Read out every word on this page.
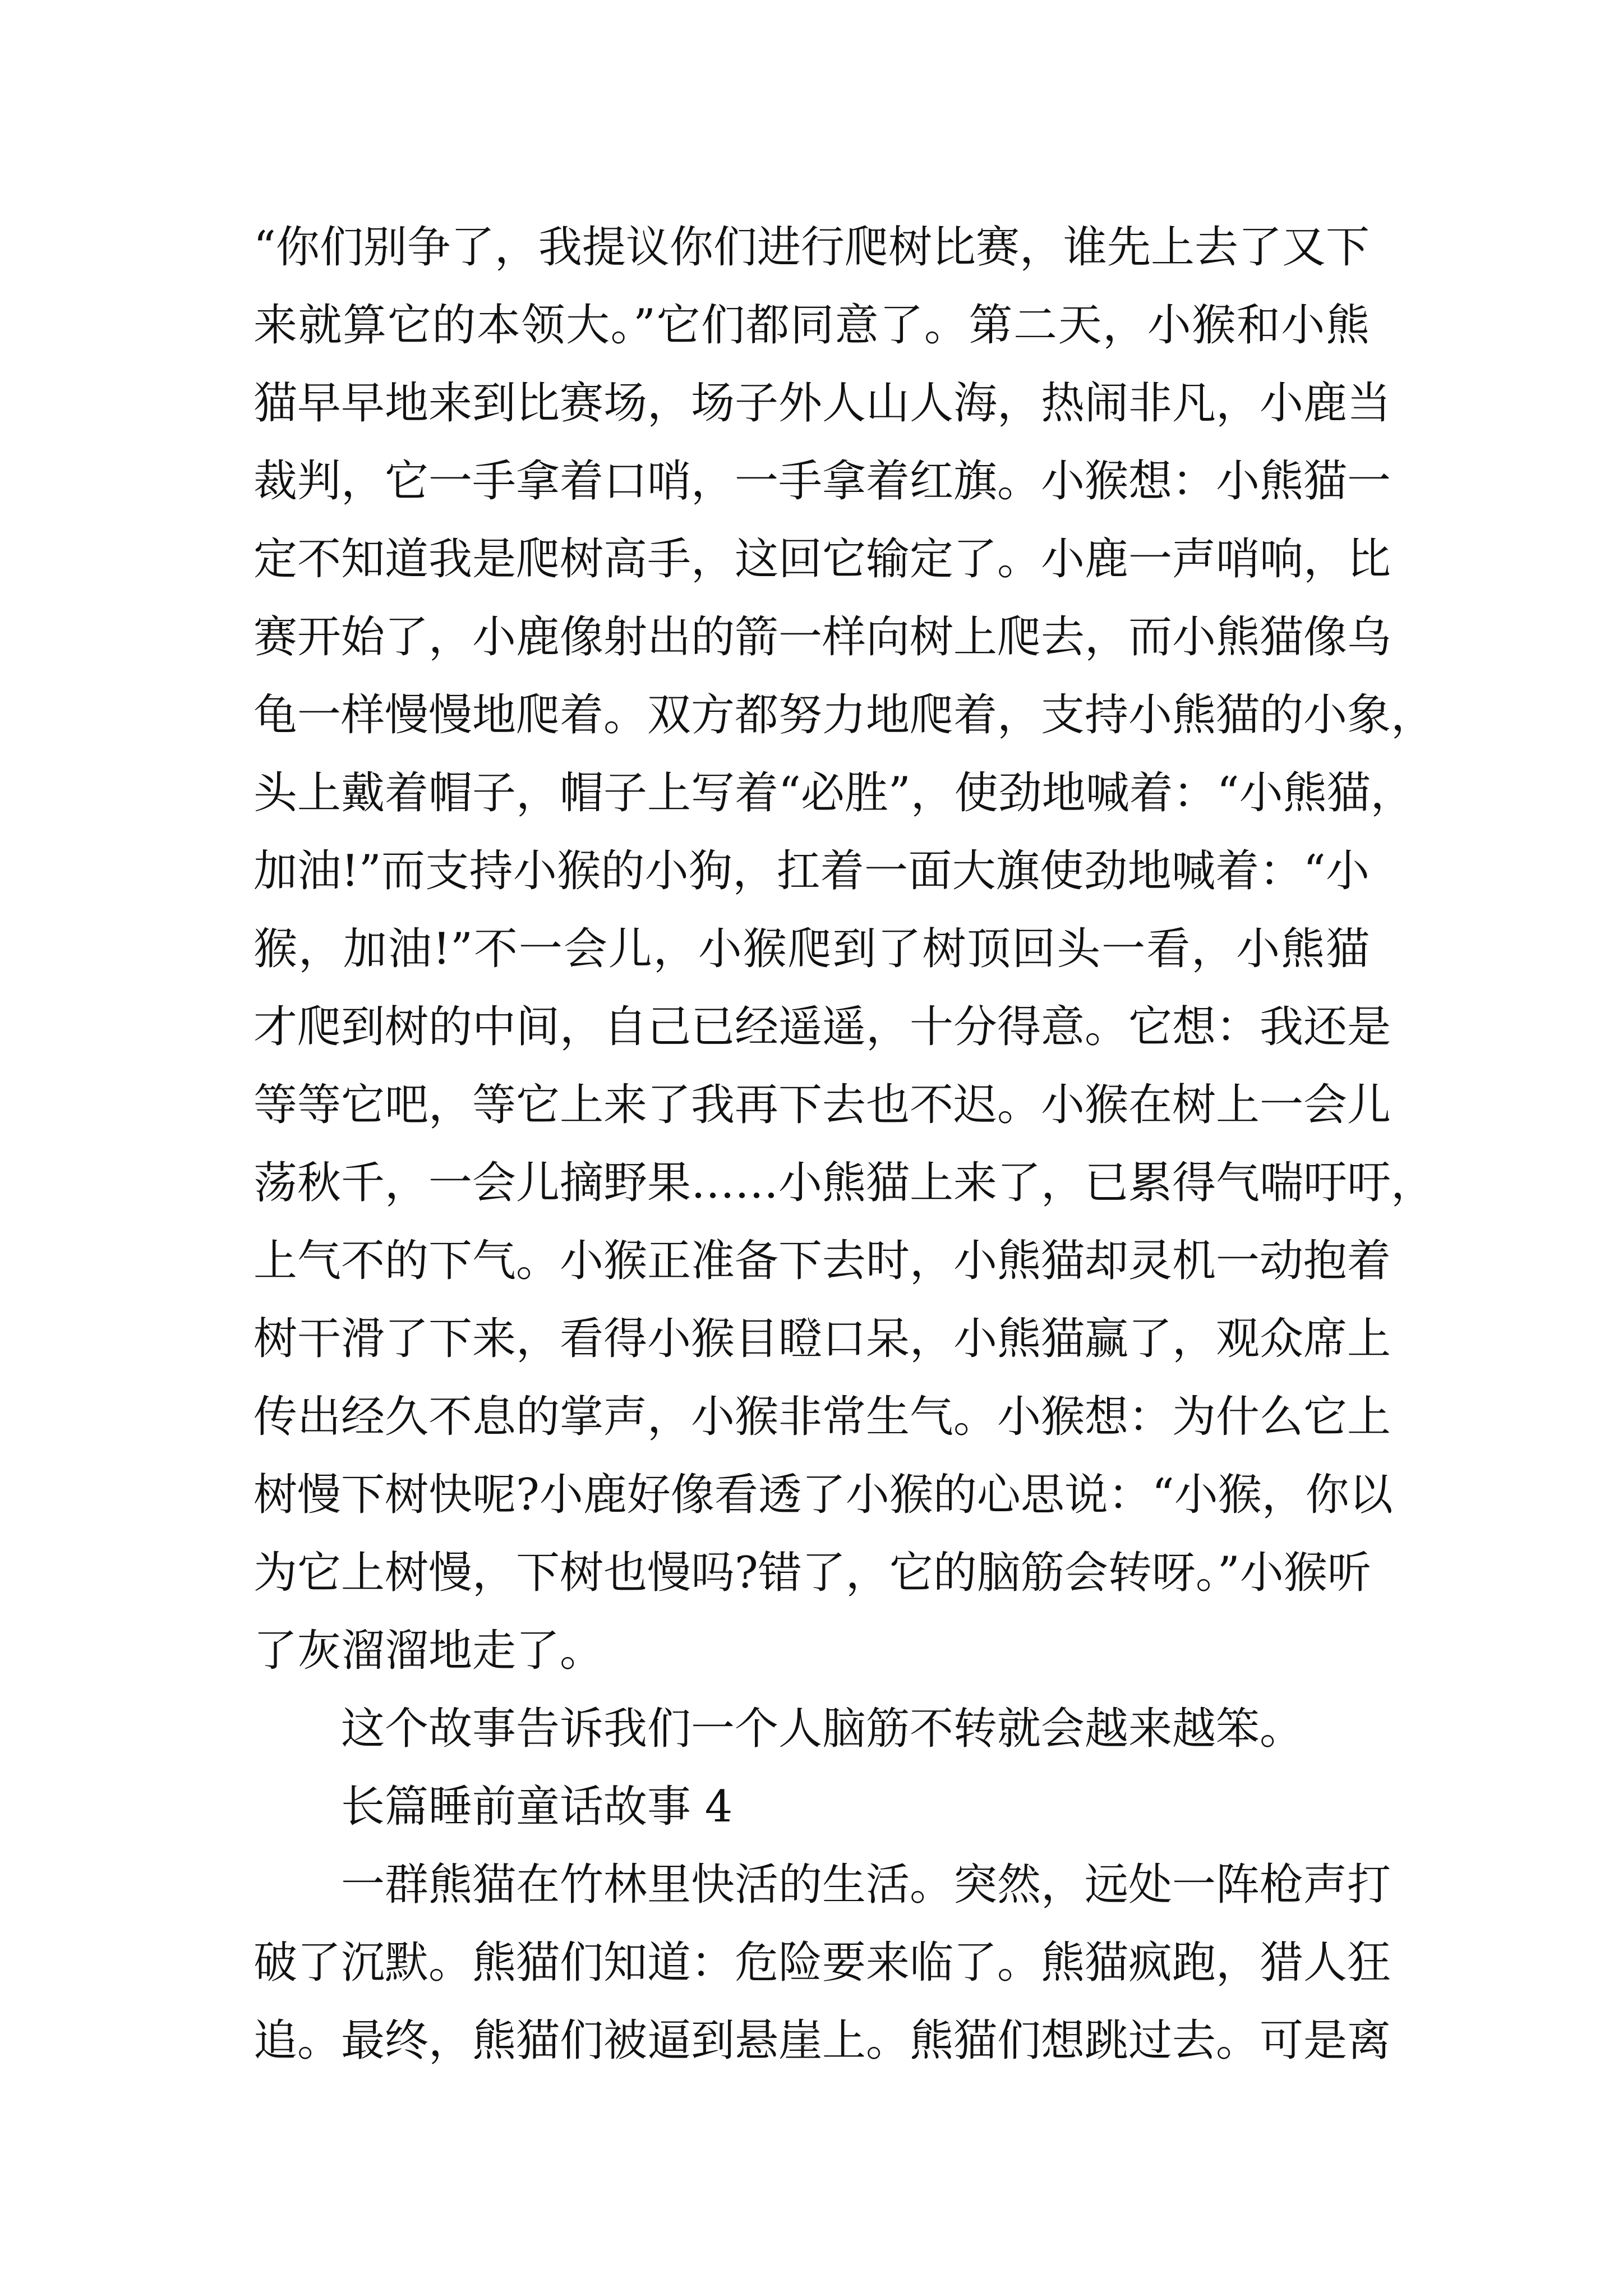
“你们别争了，我提议你们进行爬树比赛，谁先上去了又下
来就算它的本领大。”它们都同意了。第二天，小猴和小熊
猫早早地来到比赛场，场子外人山人海，热闹非凡，小鹿当
裁判，它一手拿着口哨，一手拿着红旗。小猴想：小熊猫一
定不知道我是爬树高手，这回它输定了。小鹿一声哨响，比
赛开始了，小鹿像射出的箭一样向树上爬去，而小熊猫像乌
龟一样慢慢地爬着。双方都努力地爬着，支持小熊猫的小象，
头上戴着帽子，帽子上写着“必胜”，使劲地喊着：“小熊猫，
加油!”而支持小猴的小狗，扛着一面大旗使劲地喊着：“小
猴，加油!”不一会儿，小猴爬到了树顶回头一看，小熊猫
才爬到树的中间，自己已经遥遥，十分得意。它想：我还是
等等它吧，等它上来了我再下去也不迟。小猴在树上一会儿
荡秋千，一会儿摘野果……小熊猫上来了，已累得气喘吁吁，
上气不的下气。小猴正准备下去时，小熊猫却灵机一动抱着
树干滑了下来，看得小猴目瞪口呆，小熊猫赢了，观众席上
传出经久不息的掌声，小猴非常生气。小猴想：为什么它上
树慢下树快呢?小鹿好像看透了小猴的心思说：“小猴，你以
为它上树慢，下树也慢吗?错了，它的脑筋会转呀。”小猴听
了灰溜溜地走了。
这个故事告诉我们一个人脑筋不转就会越来越笨。
长篇睡前童话故事 4
一群熊猫在竹林里快活的生活。突然，远处一阵枪声打
破了沉默。熊猫们知道：危险要来临了。熊猫疯跑，猎人狂
追。最终，熊猫们被逼到悬崖上。熊猫们想跳过去。可是离
